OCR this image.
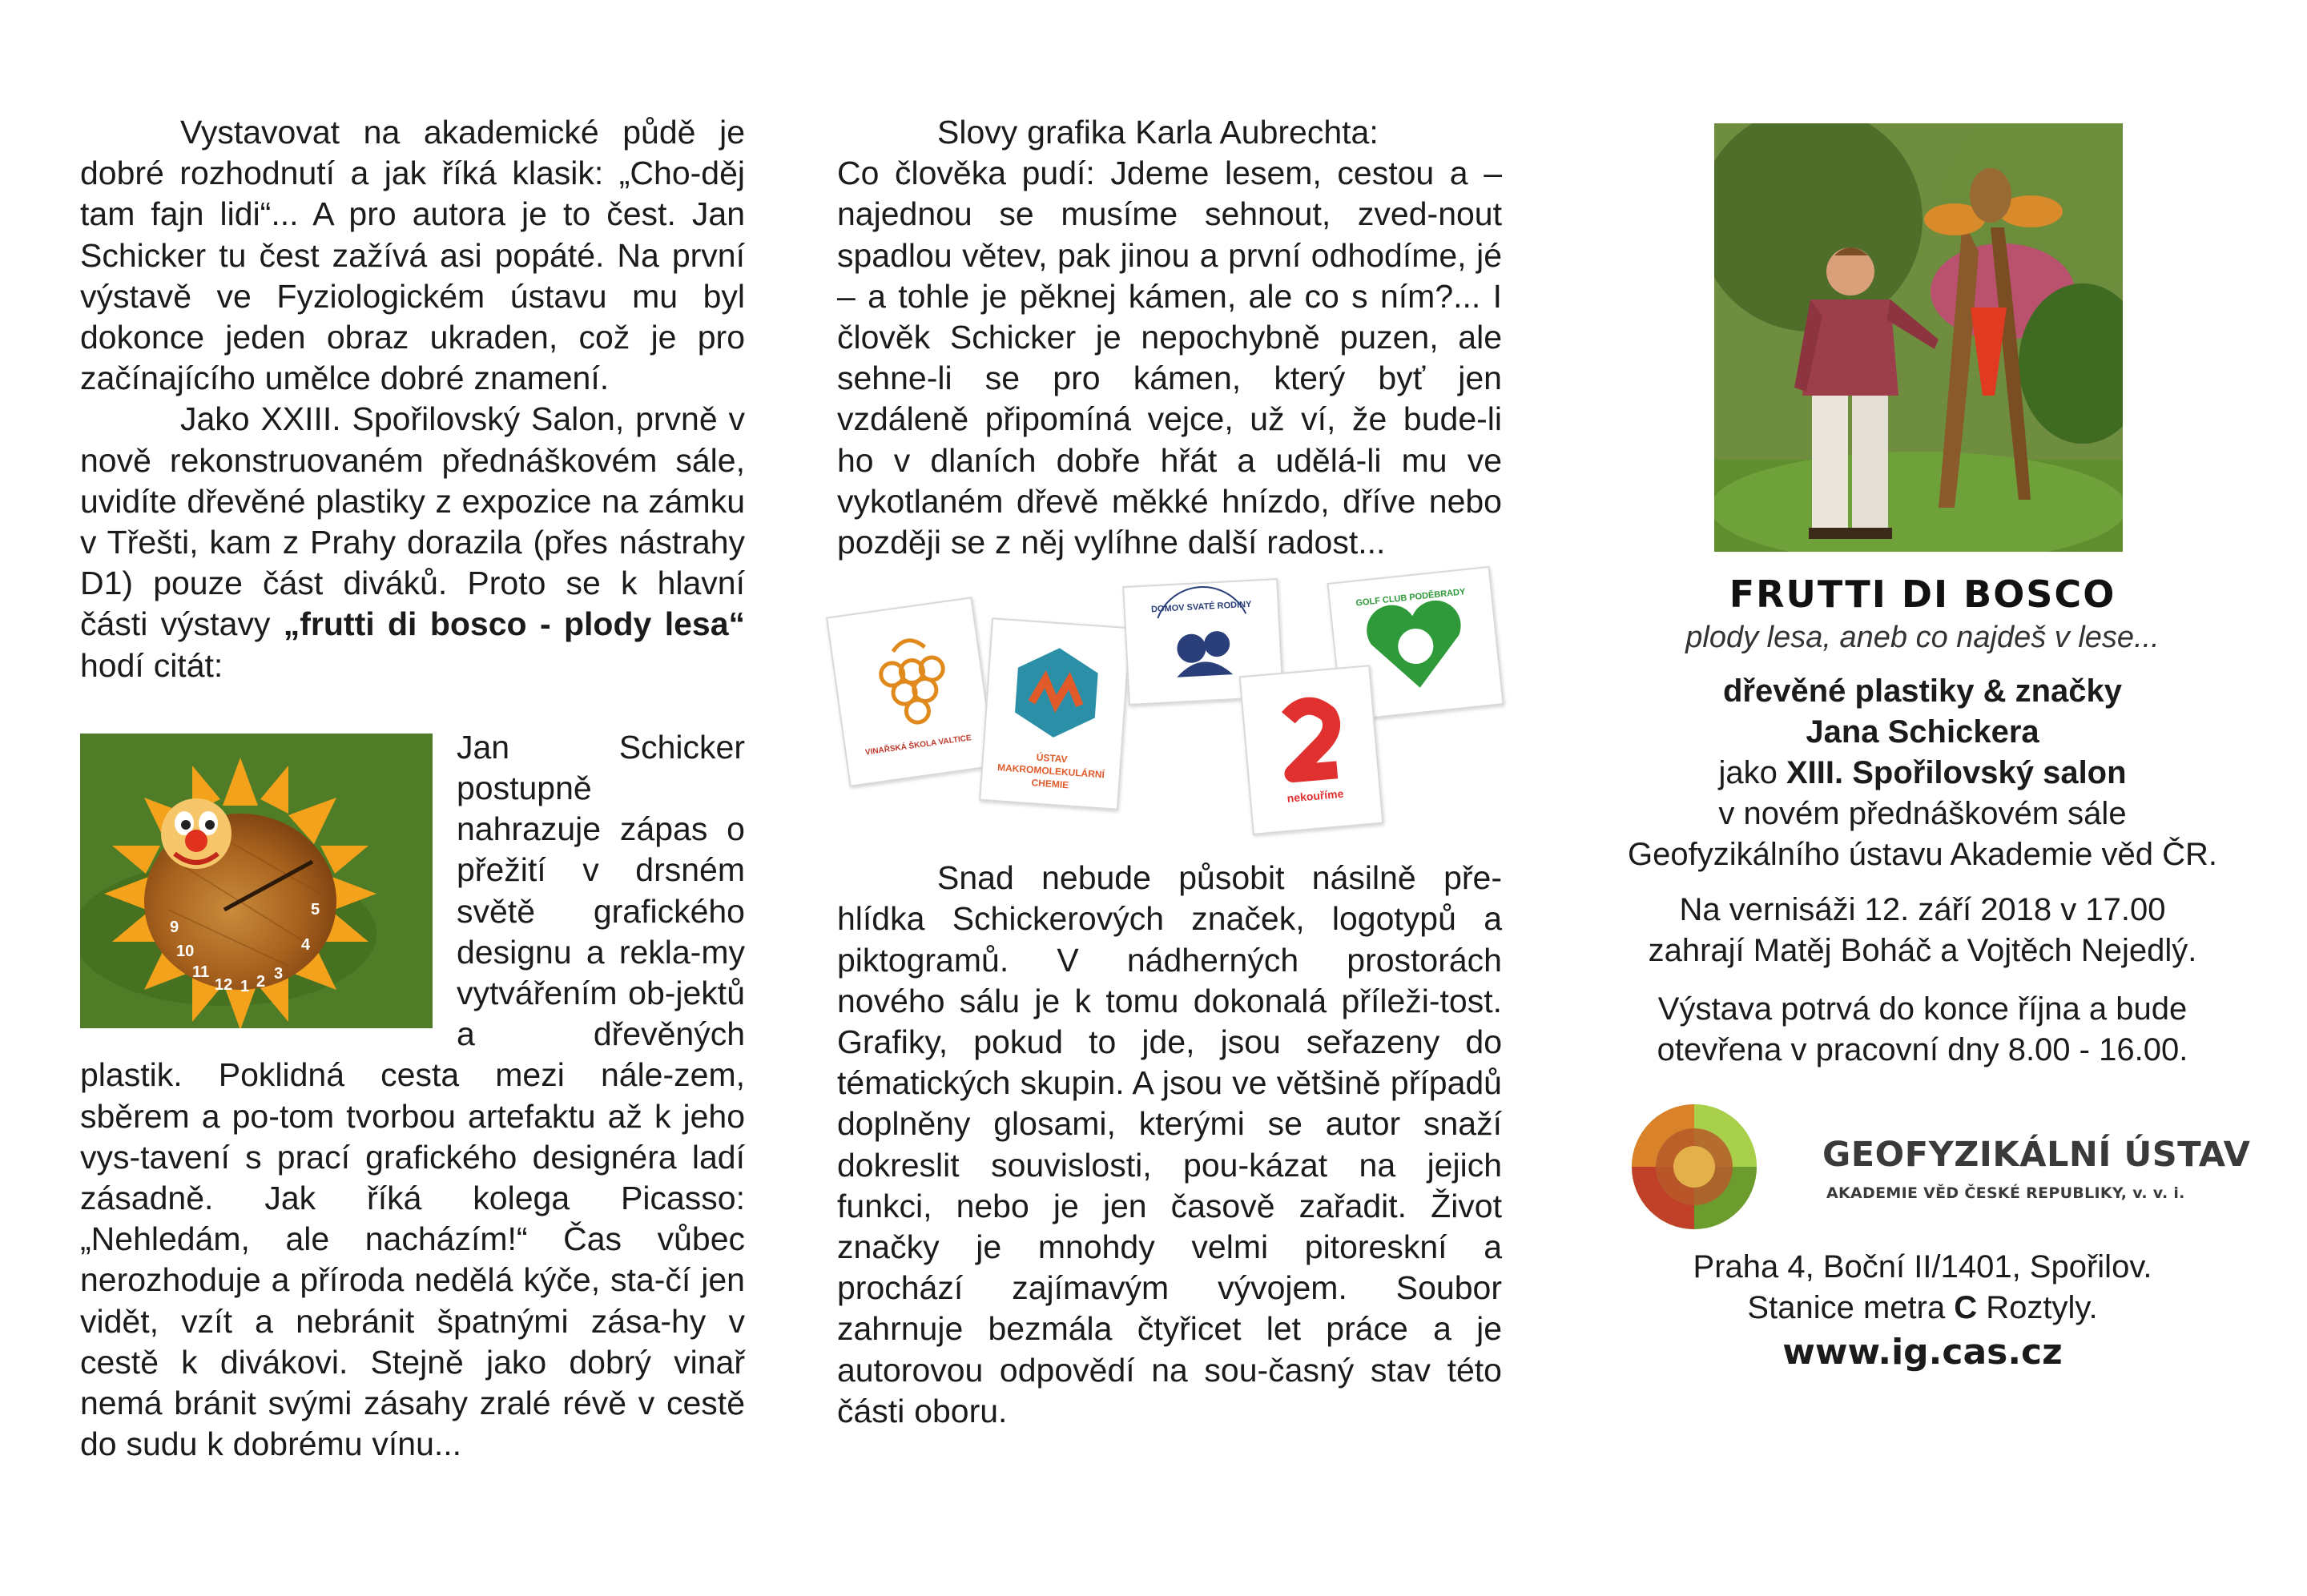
Vystavovat na akademické půdě je dobré rozhodnutí a jak říká klasik: „Cho-děj tam fajn lidi“... A pro autora je to čest. Jan Schicker tu čest zažívá asi popáté. Na první výstavě ve Fyziologickém ústavu mu byl dokonce jeden obraz ukraden, což je pro začínajícího umělce dobré znamení.

Jako XXIII. Spořilovský Salon, prvně v nově rekonstruovaném přednáškovém sále, uvidíte dřevěné plastiky z expozice na zámku v Třešti, kam z Prahy dorazila (přes nástrahy D1) pouze část diváků. Proto se k hlavní části výstavy „frutti di bosco - plody lesa“ hodí citát:

9
10
11
12 1 2 3
4
5
Jan Schicker postupně nahrazuje zápas o přežití v drsném světě grafického designu a rekla-my vytvářením ob-jektů a dřevěných plastik. Poklidná cesta mezi nále-zem, sběrem a po-tom tvorbou artefaktu až k jeho vys-tavení s prací grafického designéra ladí zásadně. Jak říká kolega Picasso: „Nehledám, ale nacházím!“ Čas vůbec nerozhoduje a příroda nedělá kýče, sta-čí jen vidět, vzít a nebránit špatnými zása-hy v cestě k divákovi. Stejně jako dobrý vinař nemá bránit svými zásahy zralé révě v cestě do sudu k dobrému vínu...

Slovy grafika Karla Aubrechta:

Co člověka pudí: Jdeme lesem, cestou a – najednou se musíme sehnout, zved-nout spadlou větev, pak jinou a první odhodíme, jé – a tohle je pěknej kámen, ale co s ním?... I člověk Schicker je nepochybně puzen, ale sehne-li se pro kámen, který byť jen vzdáleně připomíná vejce, už ví, že bude-li ho v dlaních dobře hřát a udělá-li mu ve vykotlaném dřevě měkké hnízdo, dříve nebo později se z něj vylíhne další radost...

VINAŘSKÁ ŠKOLA VALTICE
ÚSTAV
MAKROMOLEKULÁRNÍ
CHEMIE
DOMOV SVATÉ RODINY	GOLF CLUB PODĚBRADY
nekouříme

Snad nebude působit násilně pře-hlídka Schickerových značek, logotypů a piktogramů. V nádherných prostorách nového sálu je k tomu dokonalá příleži-tost. Grafiky, pokud to jde, jsou seřazeny do tématických skupin. A jsou ve většině případů doplněny glosami, kterými se autor snaží dokreslit souvislosti, pou-kázat na jejich funkci, nebo je jen časově zařadit. Život značky je mnohdy velmi pitoreskní a prochází zajímavým vývojem. Soubor zahrnuje bezmála čtyřicet let práce a je autorovou odpovědí na sou-časný stav této části oboru.

FRUTTI DI BOSCO
plody lesa, aneb co najdeš v lese...

dřevěné plastiky & značky

Jana Schickera

jako XIII. Spořilovský salon

v novém přednáškovém sále

Geofyzikálního ústavu Akademie věd ČR.

Na vernisáži 12. září 2018 v 17.00

zahrají Matěj Boháč a Vojtěch Nejedlý.

Výstava potrvá do konce října a bude

otevřena v pracovní dny 8.00 - 16.00.

GEOFYZIKÁLNÍ ÚSTAV
AKADEMIE VĚD ČESKÉ REPUBLIKY, v. v. i.

Praha 4, Boční II/1401, Spořilov.

Stanice metra C Roztyly.

www.ig.cas.cz
